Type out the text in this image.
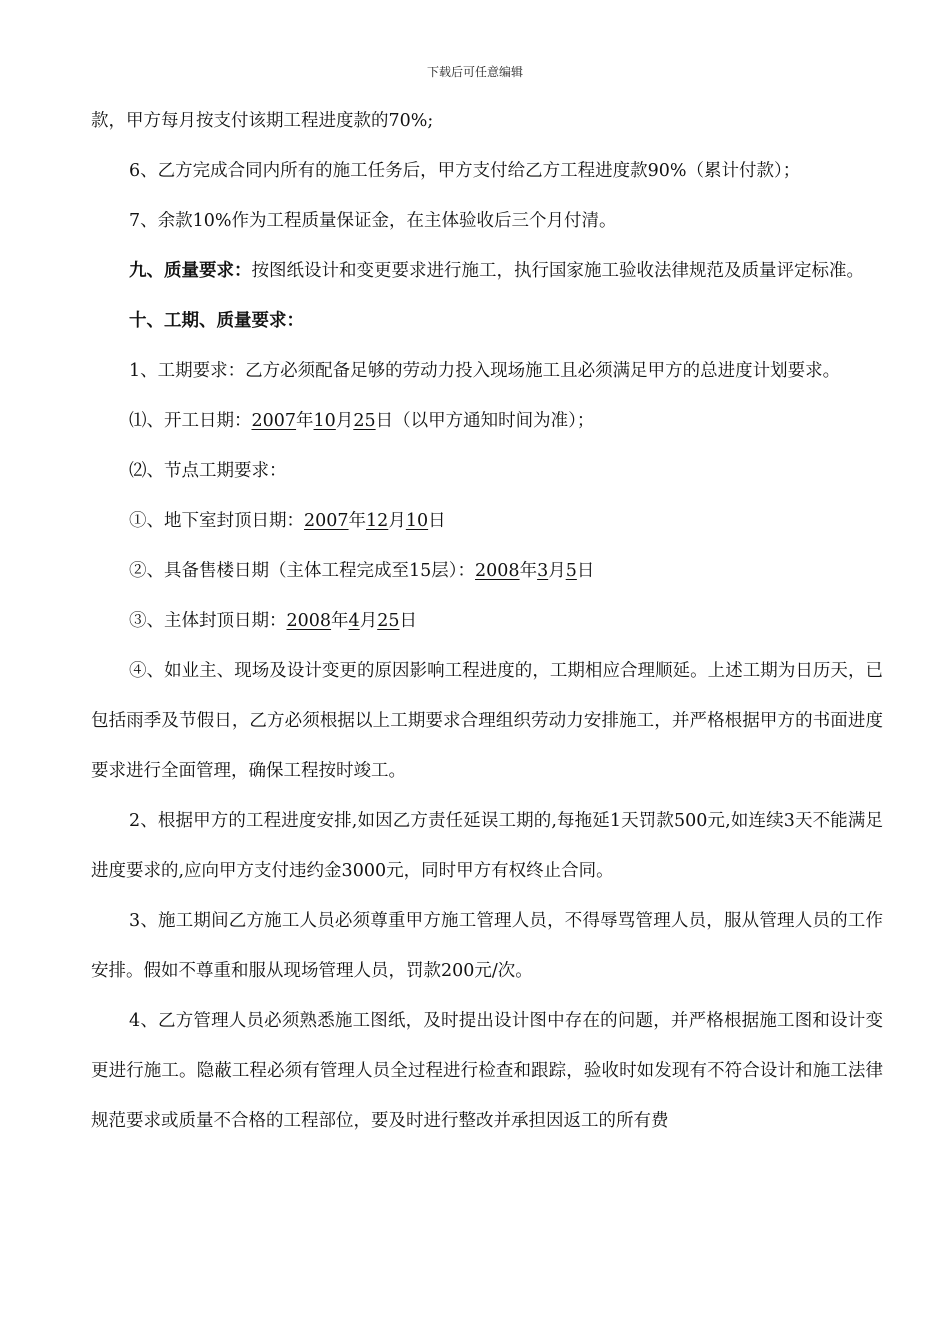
下载后可任意编辑

款，甲方每月按支付该期工程进度款的70%;

6、乙方完成合同内所有的施工任务后，甲方支付给乙方工程进度款90%（累计付款）；

7、余款10%作为工程质量保证金，在主体验收后三个月付清。

九、质量要求：按图纸设计和变更要求进行施工，执行国家施工验收法律规范及质量评定标准。

十、工期、质量要求：

1、工期要求：乙方必须配备足够的劳动力投入现场施工且必须满足甲方的总进度计划要求。

⑴、开工日期：2007年10月25日（以甲方通知时间为准）；

⑵、节点工期要求：

①、地下室封顶日期：2007年12月10日

②、具备售楼日期（主体工程完成至15层）：2008年3月5日

③、主体封顶日期：2008年4月25日

④、如业主、现场及设计变更的原因影响工程进度的，工期相应合理顺延。上述工期为日历天，已包括雨季及节假日，乙方必须根据以上工期要求合理组织劳动力安排施工，并严格根据甲方的书面进度要求进行全面管理，确保工程按时竣工。

2、根据甲方的工程进度安排,如因乙方责任延误工期的,每拖延1天罚款500元,如连续3天不能满足进度要求的,应向甲方支付违约金3000元，同时甲方有权终止合同。

3、施工期间乙方施工人员必须尊重甲方施工管理人员，不得辱骂管理人员，服从管理人员的工作安排。假如不尊重和服从现场管理人员，罚款200元/次。

4、乙方管理人员必须熟悉施工图纸，及时提出设计图中存在的问题，并严格根据施工图和设计变更进行施工。隐蔽工程必须有管理人员全过程进行检查和跟踪，验收时如发现有不符合设计和施工法律规范要求或质量不合格的工程部位，要及时进行整改并承担因返工的所有费
